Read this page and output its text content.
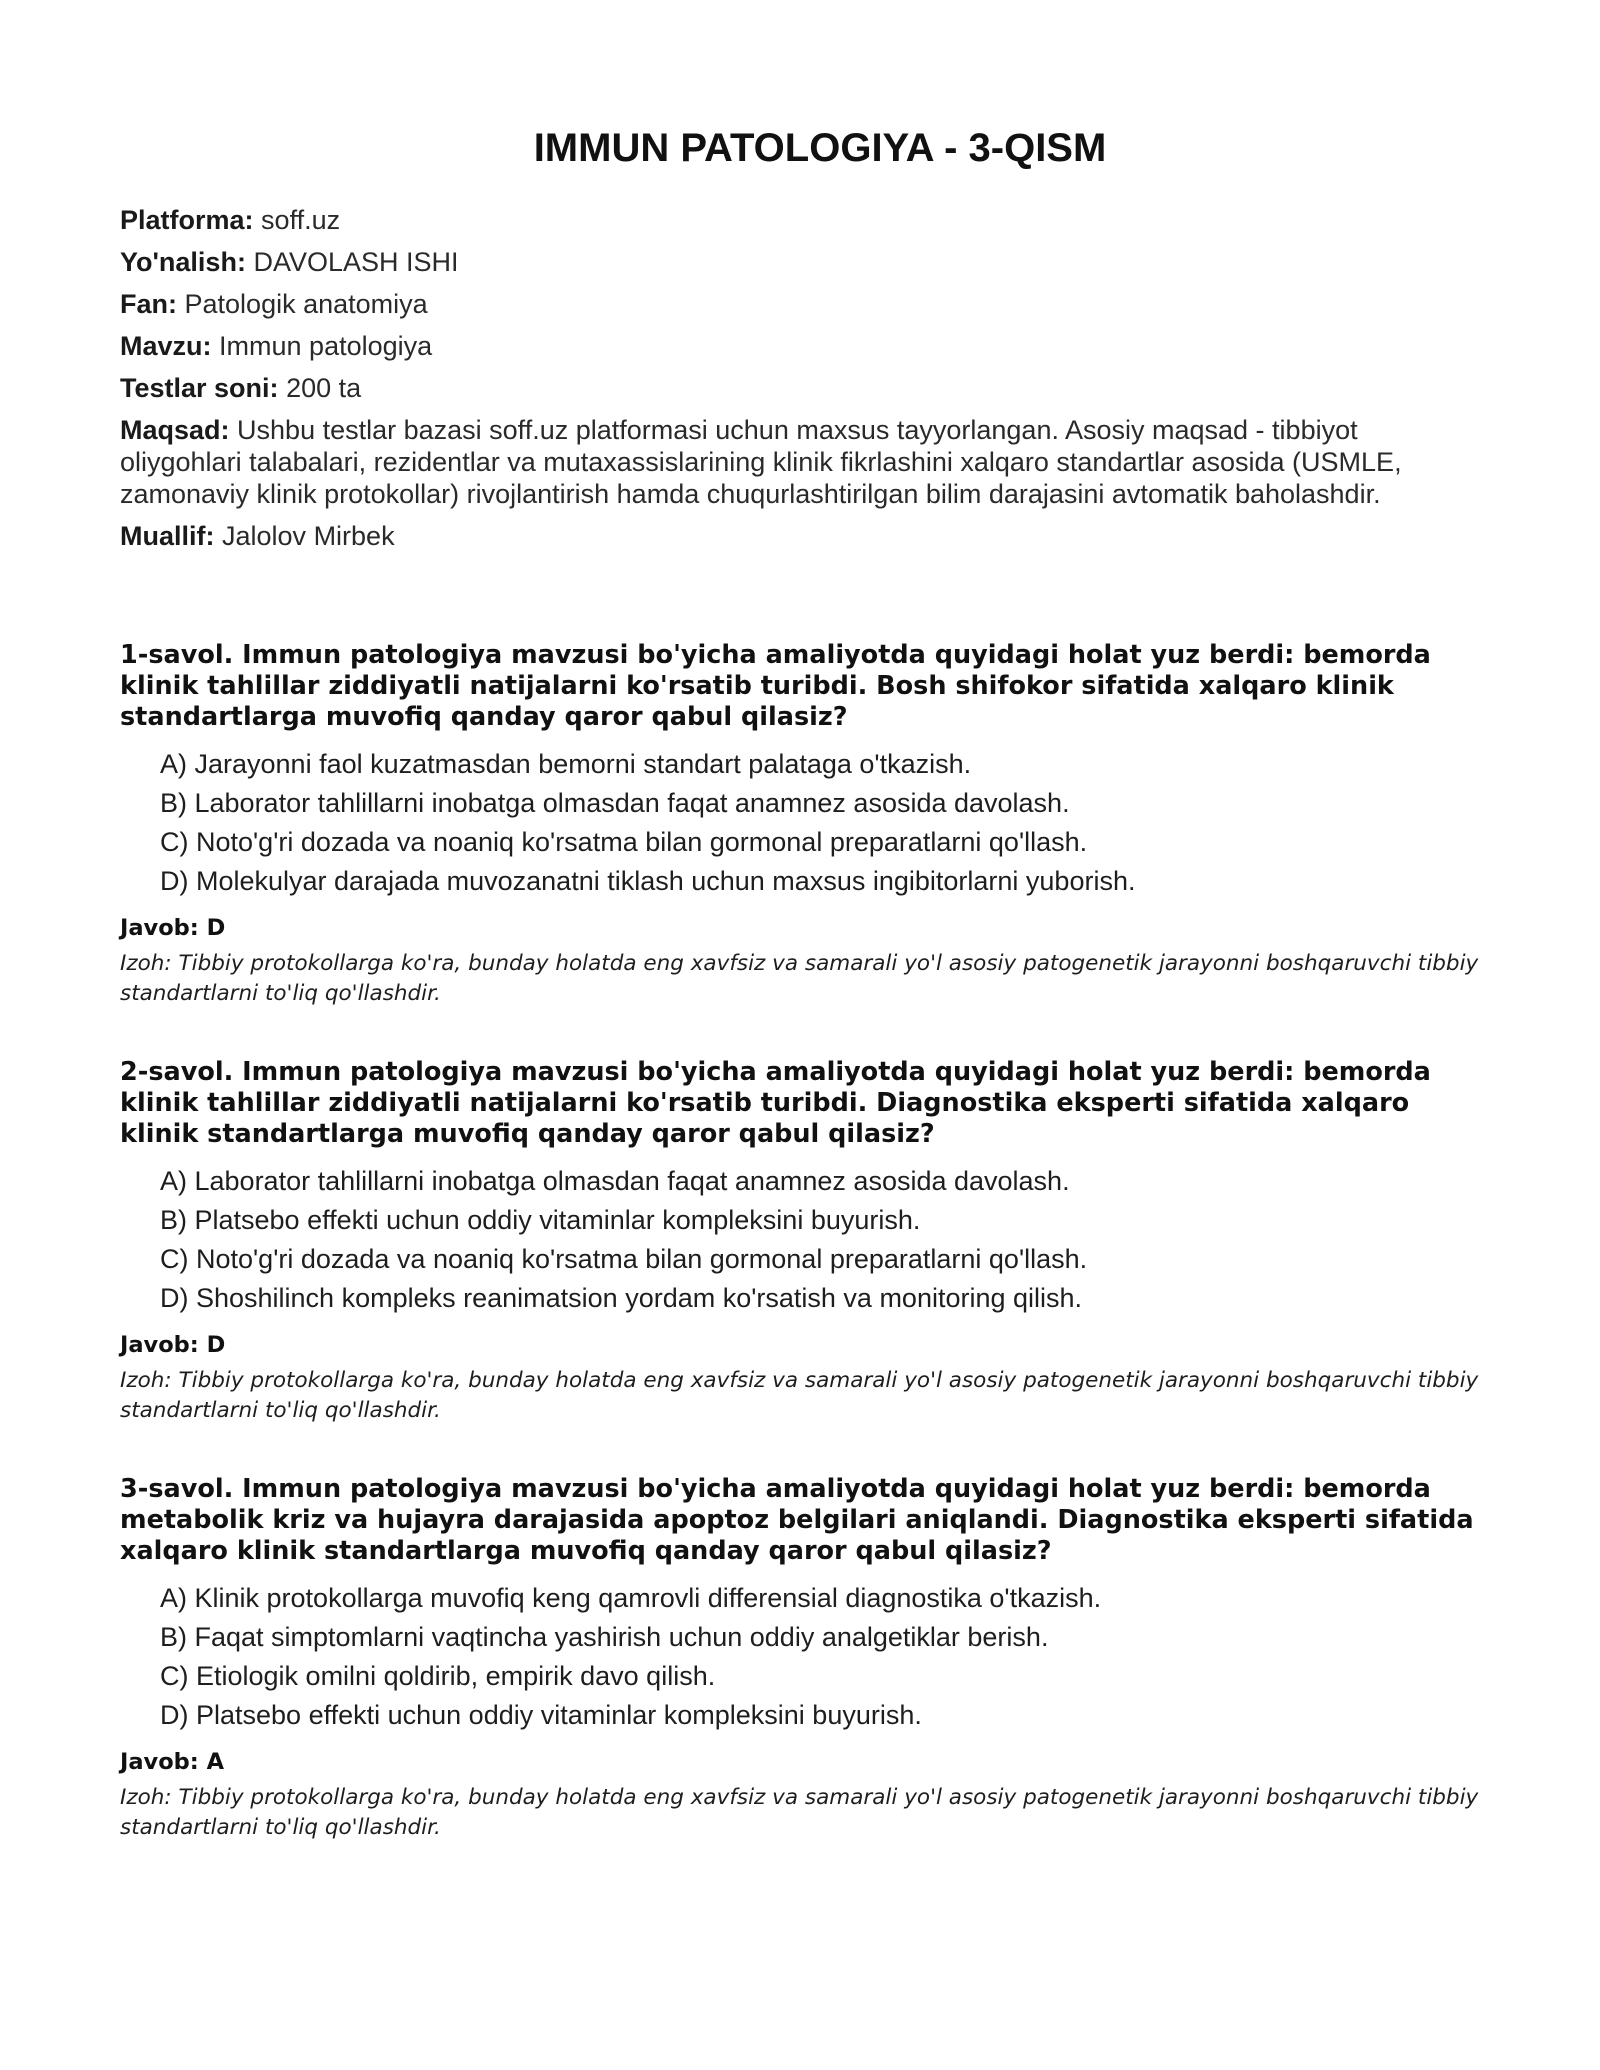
IMMUN PATOLOGIYA - 3-QISM
Platforma: soff.uz
Yo'nalish: DAVOLASH ISHI
Fan: Patologik anatomiya
Mavzu: Immun patologiya
Testlar soni: 200 ta
Maqsad: Ushbu testlar bazasi soff.uz platformasi uchun maxsus tayyorlangan. Asosiy maqsad - tibbiyot oliygohlari talabalari, rezidentlar va mutaxassislarining klinik fikrlashini xalqaro standartlar asosida (USMLE, zamonaviy klinik protokollar) rivojlantirish hamda chuqurlashtirilgan bilim darajasini avtomatik baholashdir.
Muallif: Jalolov Mirbek

1-savol. Immun patologiya mavzusi bo'yicha amaliyotda quyidagi holat yuz berdi: bemorda klinik tahlillar ziddiyatli natijalarni ko'rsatib turibdi. Bosh shifokor sifatida xalqaro klinik standartlarga muvofiq qanday qaror qabul qilasiz?

A) Jarayonni faol kuzatmasdan bemorni standart palataga o'tkazish.
B) Laborator tahlillarni inobatga olmasdan faqat anamnez asosida davolash.
C) Noto'g'ri dozada va noaniq ko'rsatma bilan gormonal preparatlarni qo'llash.
D) Molekulyar darajada muvozanatni tiklash uchun maxsus ingibitorlarni yuborish.

Javob: D

Izoh: Tibbiy protokollarga ko'ra, bunday holatda eng xavfsiz va samarali yo'l asosiy patogenetik jarayonni boshqaruvchi tibbiy standartlarni to'liq qo'llashdir.

2-savol. Immun patologiya mavzusi bo'yicha amaliyotda quyidagi holat yuz berdi: bemorda klinik tahlillar ziddiyatli natijalarni ko'rsatib turibdi. Diagnostika eksperti sifatida xalqaro klinik standartlarga muvofiq qanday qaror qabul qilasiz?

A) Laborator tahlillarni inobatga olmasdan faqat anamnez asosida davolash.
B) Platsebo effekti uchun oddiy vitaminlar kompleksini buyurish.
C) Noto'g'ri dozada va noaniq ko'rsatma bilan gormonal preparatlarni qo'llash.
D) Shoshilinch kompleks reanimatsion yordam ko'rsatish va monitoring qilish.

Javob: D

Izoh: Tibbiy protokollarga ko'ra, bunday holatda eng xavfsiz va samarali yo'l asosiy patogenetik jarayonni boshqaruvchi tibbiy standartlarni to'liq qo'llashdir.

3-savol. Immun patologiya mavzusi bo'yicha amaliyotda quyidagi holat yuz berdi: bemorda metabolik kriz va hujayra darajasida apoptoz belgilari aniqlandi. Diagnostika eksperti sifatida xalqaro klinik standartlarga muvofiq qanday qaror qabul qilasiz?

A) Klinik protokollarga muvofiq keng qamrovli differensial diagnostika o'tkazish.
B) Faqat simptomlarni vaqtincha yashirish uchun oddiy analgetiklar berish.
C) Etiologik omilni qoldirib, empirik davo qilish.
D) Platsebo effekti uchun oddiy vitaminlar kompleksini buyurish.

Javob: A

Izoh: Tibbiy protokollarga ko'ra, bunday holatda eng xavfsiz va samarali yo'l asosiy patogenetik jarayonni boshqaruvchi tibbiy standartlarni to'liq qo'llashdir.
